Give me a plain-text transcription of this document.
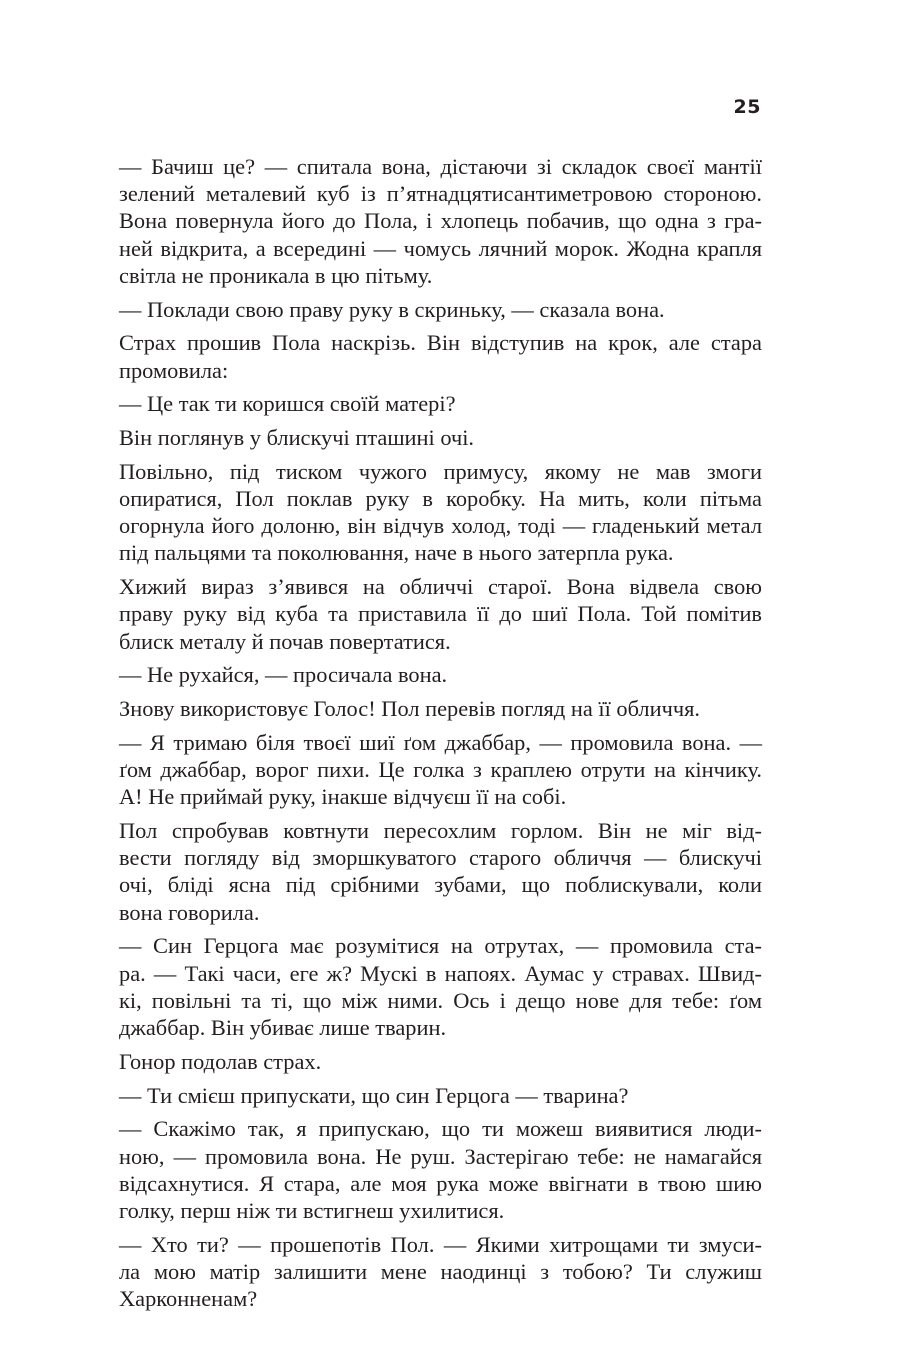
25
— Бачиш це? — спитала вона, дістаючи зі складок своєї мантії
зелений металевий куб із п’ятнадцятисантиметровою стороною.
Вона повернула його до Пола, і хлопець побачив, що одна з гра-
ней відкрита, а всередині — чомусь лячний морок. Жодна крапля
світла не проникала в цю пітьму.
— Поклади свою праву руку в скриньку, — сказала вона.
Страх прошив Пола наскрізь. Він відступив на крок, але стара
промовила:
— Це так ти коришся своїй матері?
Він поглянув у блискучі пташині очі.
Повільно, під тиском чужого примусу, якому не мав змоги
опиратися, Пол поклав руку в коробку. На мить, коли пітьма
огорнула його долоню, він відчув холод, тоді — гладенький метал
під пальцями та поколювання, наче в нього затерпла рука.
Хижий вираз з’явився на обличчі старої. Вона відвела свою
праву руку від куба та приставила її до шиї Пола. Той помітив
блиск металу й почав повертатися.
— Не рухайся, — просичала вона.
Знову використовує Голос! Пол перевів погляд на її обличчя.
— Я тримаю біля твоєї шиї ґом джаббар, — промовила вона. —
ґом джаббар, ворог пихи. Це голка з краплею отрути на кінчику.
А! Не приймай руку, інакше відчуєш її на собі.
Пол спробував ковтнути пересохлим горлом. Він не міг від-
вести погляду від зморшкуватого старого обличчя — блискучі
очі, бліді ясна під срібними зубами, що поблискували, коли
вона говорила.
— Син Герцога має розумітися на отрутах, — промовила ста-
ра. — Такі часи, еге ж? Мускі в напоях. Аумас у стравах. Швид-
кі, повільні та ті, що між ними. Ось і дещо нове для тебе: ґом
джаббар. Він убиває лише тварин.
Гонор подолав страх.
— Ти смієш припускати, що син Герцога — тварина?
— Скажімо так, я припускаю, що ти можеш виявитися люди-
ною, — промовила вона. Не руш. Застерігаю тебе: не намагайся
відсахнутися. Я стара, але моя рука може ввігнати в твою шию
голку, перш ніж ти встигнеш ухилитися.
— Хто ти? — прошепотів Пол. — Якими хитрощами ти змуси-
ла мою матір залишити мене наодинці з тобою? Ти служиш
Харконненам?
